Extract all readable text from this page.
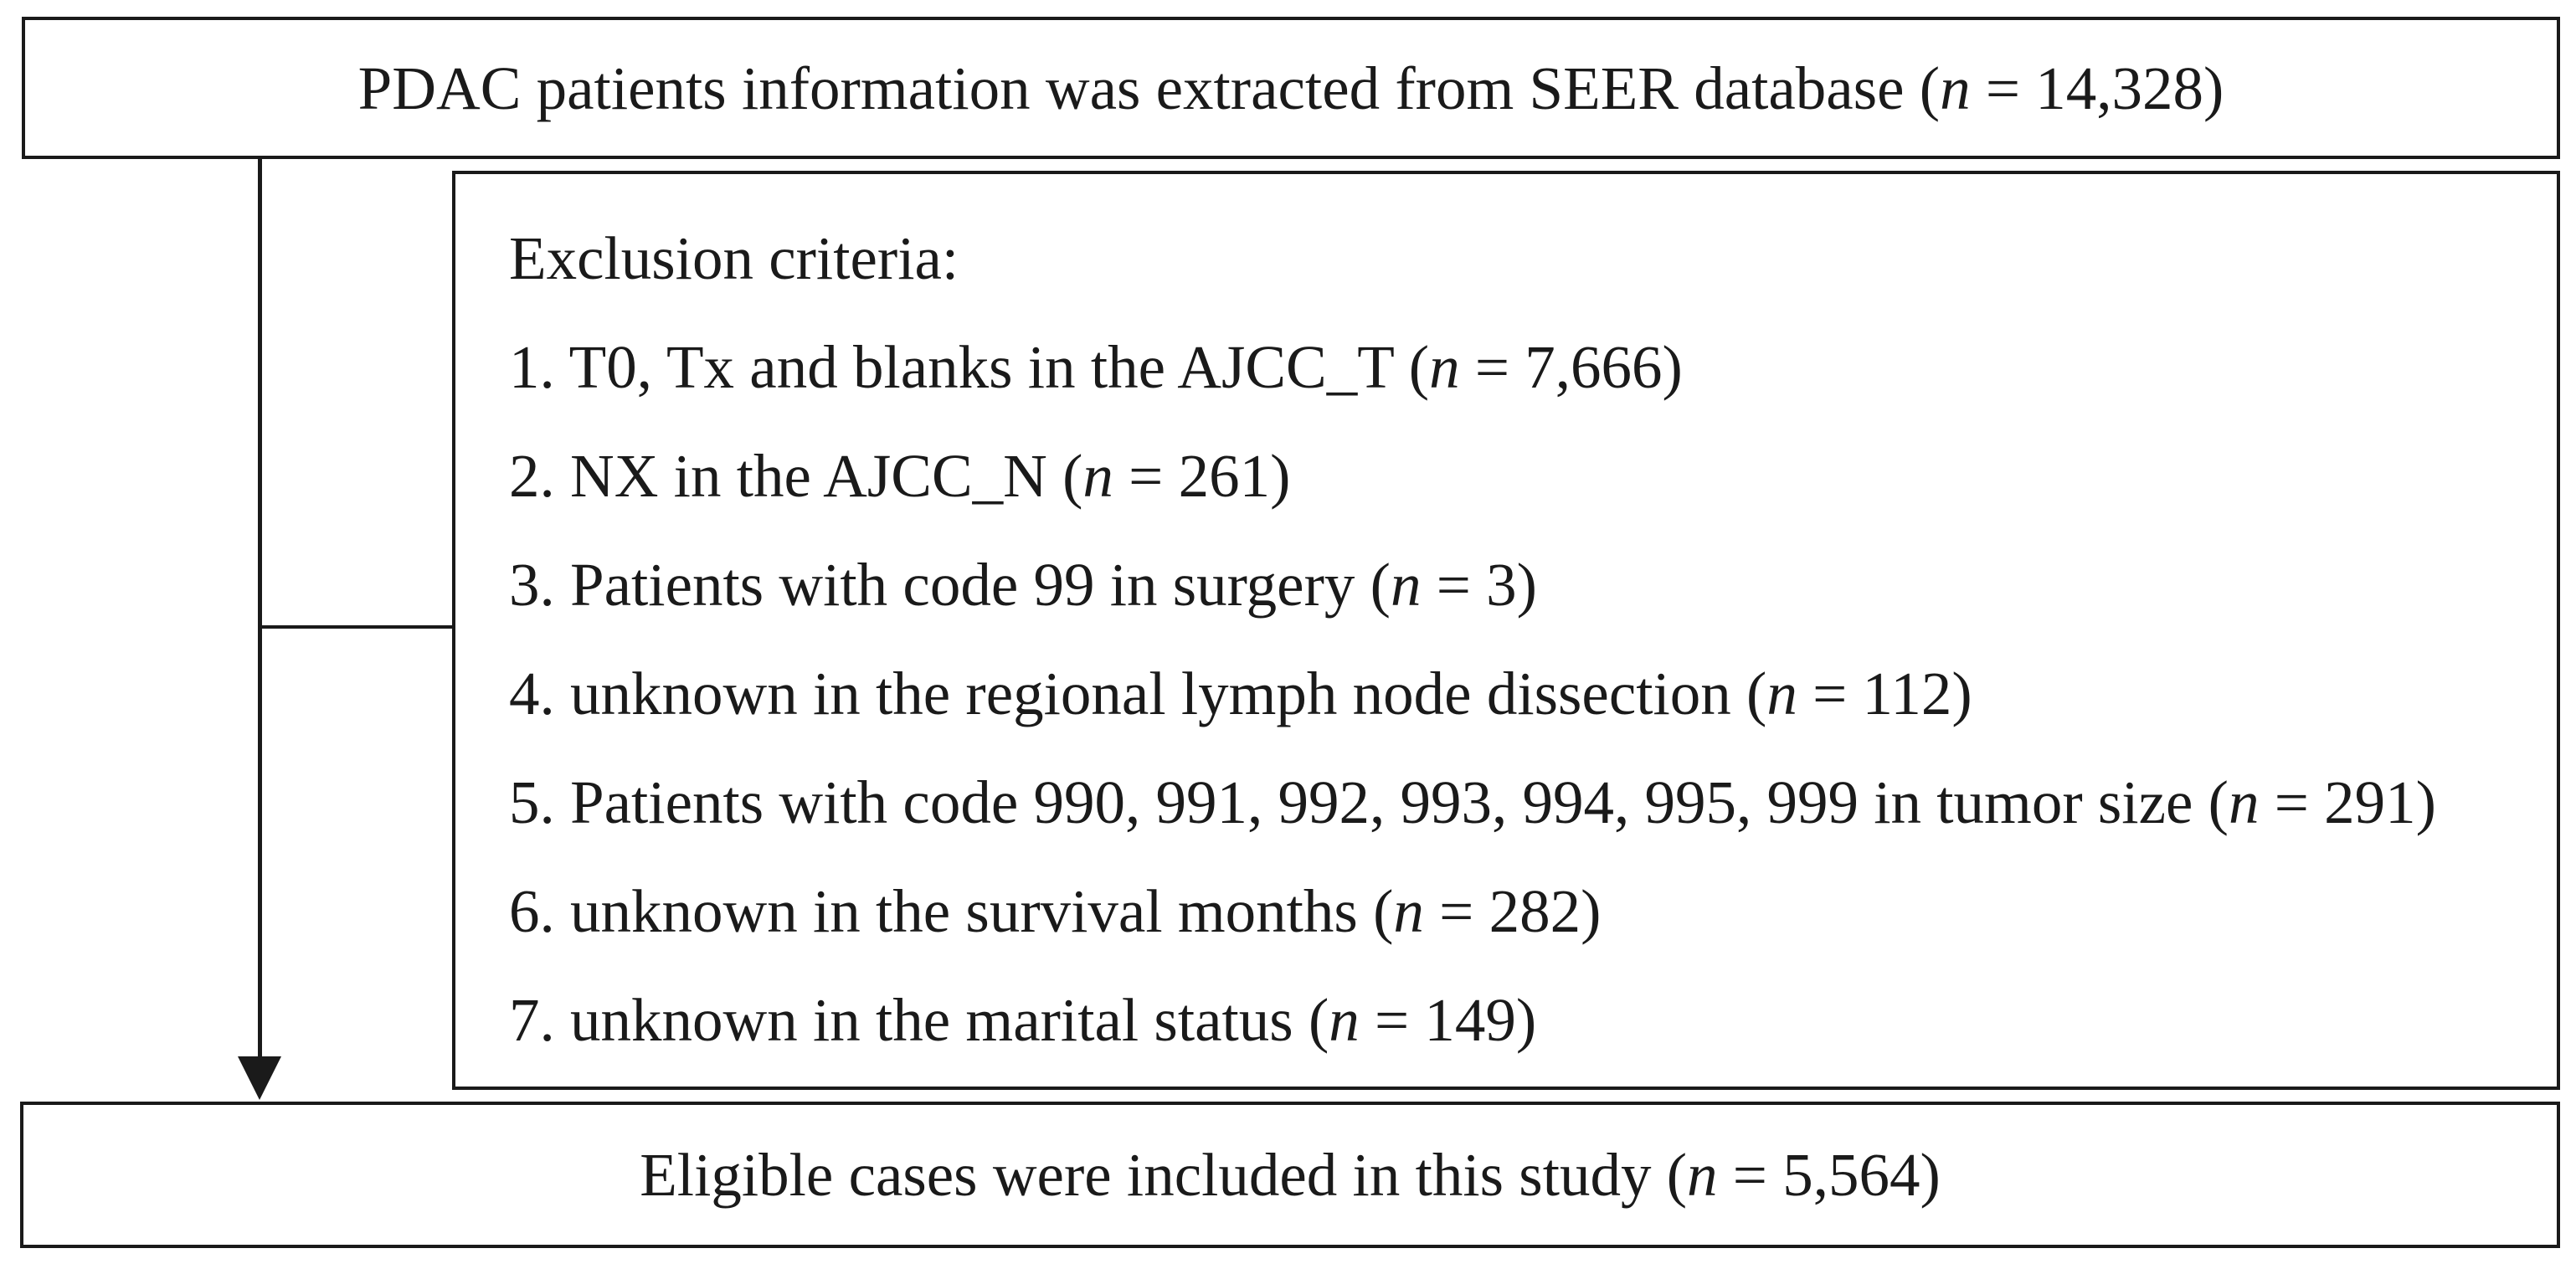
PDAC patients information was extracted from SEER database (n = 14,328)
Exclusion criteria:
1. T0, Tx and blanks in the AJCC_T (n = 7,666)
2. NX in the AJCC_N (n = 261)
3. Patients with code 99 in surgery (n = 3)
4. unknown in the regional lymph node dissection (n = 112)
5. Patients with code 990, 991, 992, 993, 994, 995, 999 in tumor size (n = 291)
6. unknown in the survival months (n = 282)
7. unknown in the marital status (n = 149)
Eligible cases were included in this study (n = 5,564)
